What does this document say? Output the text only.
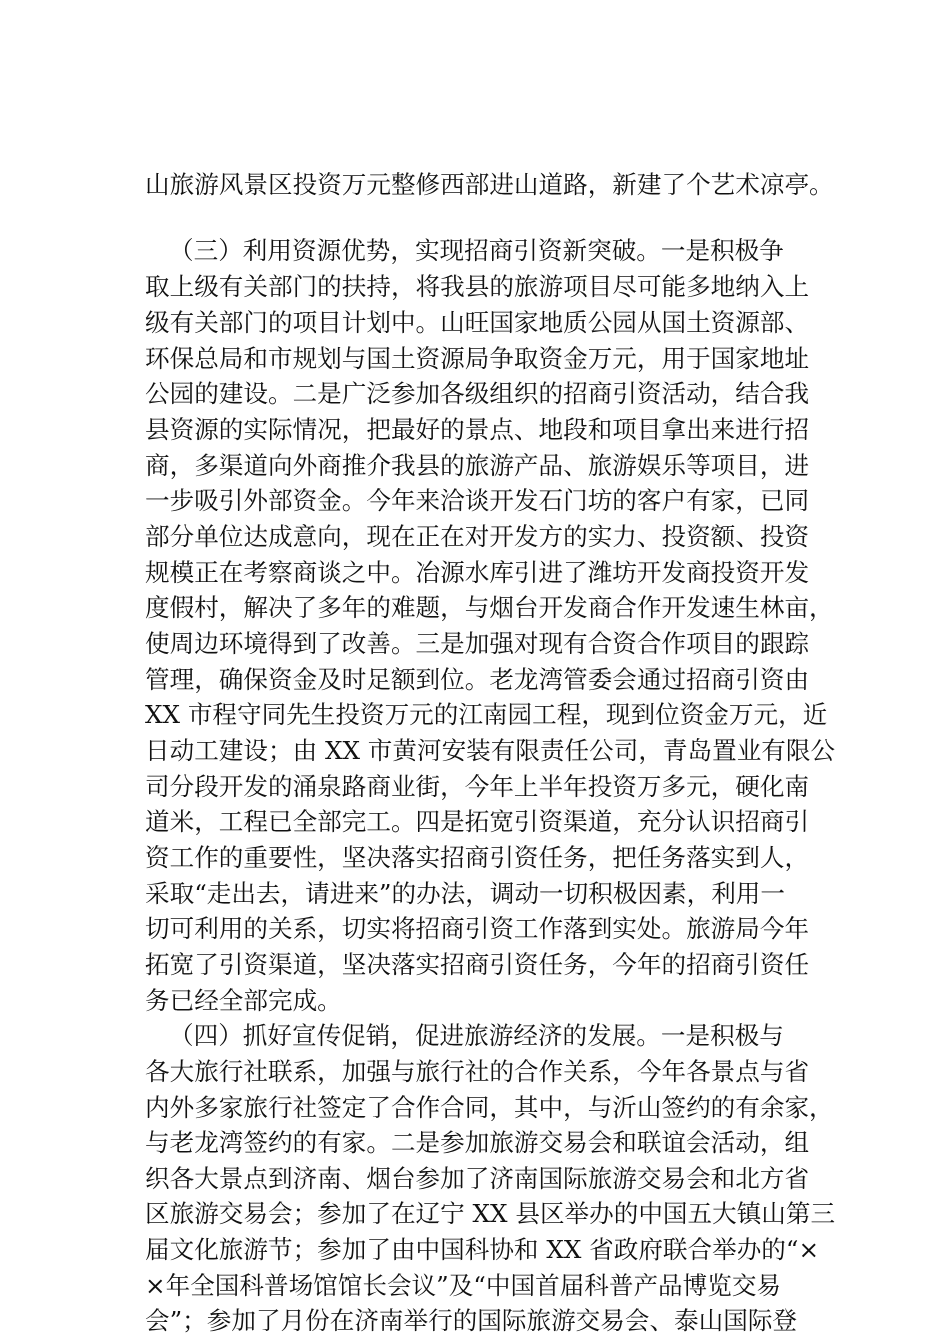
山旅游风景区投资万元整修西部进山道路，新建了个艺术凉亭。
（三）利用资源优势，实现招商引资新突破。一是积极争
取上级有关部门的扶持，将我县的旅游项目尽可能多地纳入上
级有关部门的项目计划中。山旺国家地质公园从国土资源部、
环保总局和市规划与国土资源局争取资金万元，用于国家地址
公园的建设。二是广泛参加各级组织的招商引资活动，结合我
县资源的实际情况，把最好的景点、地段和项目拿出来进行招
商，多渠道向外商推介我县的旅游产品、旅游娱乐等项目，进
一步吸引外部资金。今年来洽谈开发石门坊的客户有家，已同
部分单位达成意向，现在正在对开发方的实力、投资额、投资
规模正在考察商谈之中。冶源水库引进了潍坊开发商投资开发
度假村，解决了多年的难题，与烟台开发商合作开发速生林亩，
使周边环境得到了改善。三是加强对现有合资合作项目的跟踪
管理，确保资金及时足额到位。老龙湾管委会通过招商引资由
XX 市程守同先生投资万元的江南园工程，现到位资金万元，近
日动工建设；由 XX 市黄河安装有限责任公司，青岛置业有限公
司分段开发的涌泉路商业街，今年上半年投资万多元，硬化南
道米，工程已全部完工。四是拓宽引资渠道，充分认识招商引
资工作的重要性，坚决落实招商引资任务，把任务落实到人，
采取“走出去，请进来”的办法，调动一切积极因素，利用一
切可利用的关系，切实将招商引资工作落到实处。旅游局今年
拓宽了引资渠道，坚决落实招商引资任务，今年的招商引资任
务已经全部完成。
（四）抓好宣传促销，促进旅游经济的发展。一是积极与
各大旅行社联系，加强与旅行社的合作关系，今年各景点与省
内外多家旅行社签定了合作合同，其中，与沂山签约的有余家，
与老龙湾签约的有家。二是参加旅游交易会和联谊会活动，组
织各大景点到济南、烟台参加了济南国际旅游交易会和北方省
区旅游交易会；参加了在辽宁 XX 县区举办的中国五大镇山第三
届文化旅游节；参加了由中国科协和 XX 省政府联合举办的“×
×年全国科普场馆馆长会议”及“中国首届科普产品博览交易
会”；参加了月份在济南举行的国际旅游交易会、泰山国际登
